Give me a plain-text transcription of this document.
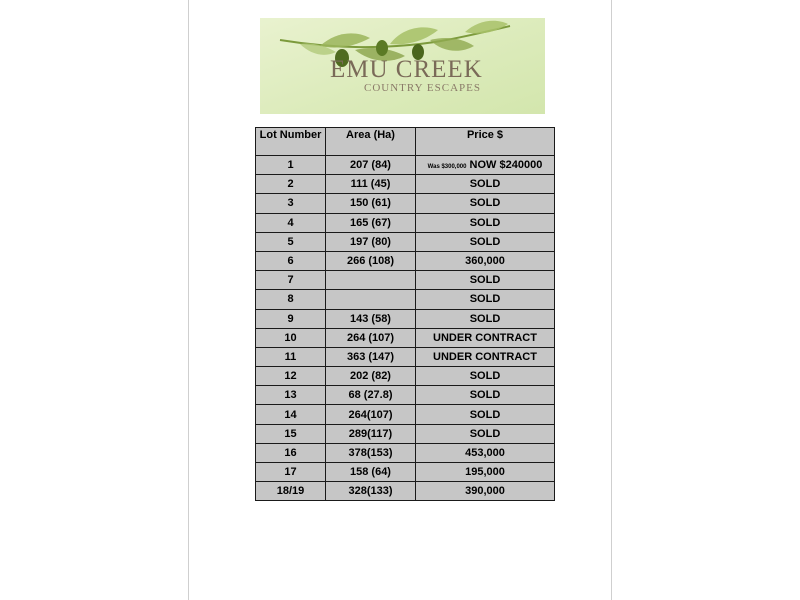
EMU CREEK
COUNTRY ESCAPES
Lot Number	Area (Ha)	Price $
1	207 (84)	Was $300,000 NOW $240000
2	111 (45)	SOLD
3	150 (61)	SOLD
4	165 (67)	SOLD
5	197 (80)	SOLD
6	266 (108)	360,000
7		SOLD
8		SOLD
9	143 (58)	SOLD
10	264 (107)	UNDER CONTRACT
11	363 (147)	UNDER CONTRACT
12	202 (82)	SOLD
13	68 (27.8)	SOLD
14	264(107)	SOLD
15	289(117)	SOLD
16	378(153)	453,000
17	158 (64)	195,000
18/19	328(133)	390,000
